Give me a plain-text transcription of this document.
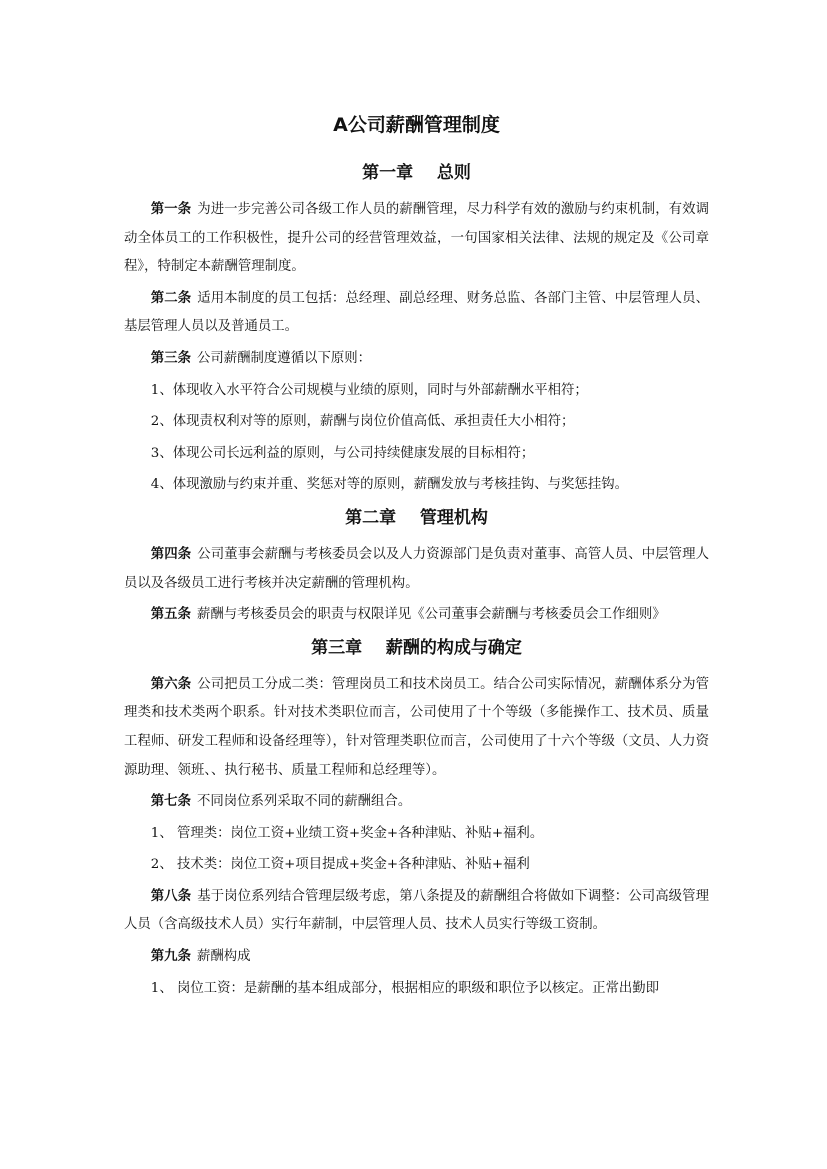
A公司薪酬管理制度
第一章    总则

第一条 为进一步完善公司各级工作人员的薪酬管理，尽力科学有效的激励与约束机制，有效调动全体员工的工作积极性，提升公司的经营管理效益，一句国家相关法律、法规的规定及《公司章程》，特制定本薪酬管理制度。

第二条 适用本制度的员工包括：总经理、副总经理、财务总监、各部门主管、中层管理人员、基层管理人员以及普通员工。

第三条 公司薪酬制度遵循以下原则：

1、体现收入水平符合公司规模与业绩的原则，同时与外部薪酬水平相符；

2、体现责权利对等的原则，薪酬与岗位价值高低、承担责任大小相符；

3、体现公司长远利益的原则，与公司持续健康发展的目标相符；

4、体现激励与约束并重、奖惩对等的原则，薪酬发放与考核挂钩、与奖惩挂钩。

第二章    管理机构

第四条 公司董事会薪酬与考核委员会以及人力资源部门是负责对董事、高管人员、中层管理人员以及各级员工进行考核并决定薪酬的管理机构。

第五条 薪酬与考核委员会的职责与权限详见《公司董事会薪酬与考核委员会工作细则》

第三章    薪酬的构成与确定

第六条 公司把员工分成二类：管理岗员工和技术岗员工。结合公司实际情况，薪酬体系分为管理类和技术类两个职系。针对技术类职位而言，公司使用了十个等级（多能操作工、技术员、质量工程师、研发工程师和设备经理等），针对管理类职位而言，公司使用了十六个等级（文员、人力资源助理、领班、、执行秘书、质量工程师和总经理等）。

第七条 不同岗位系列采取不同的薪酬组合。

1、 管理类：岗位工资+业绩工资+奖金+各种津贴、补贴+福利。

2、 技术类：岗位工资+项目提成+奖金+各种津贴、补贴+福利

第八条 基于岗位系列结合管理层级考虑，第八条提及的薪酬组合将做如下调整：公司高级管理人员（含高级技术人员）实行年薪制，中层管理人员、技术人员实行等级工资制。

第九条 薪酬构成

1、 岗位工资：是薪酬的基本组成部分，根据相应的职级和职位予以核定。正常出勤即
